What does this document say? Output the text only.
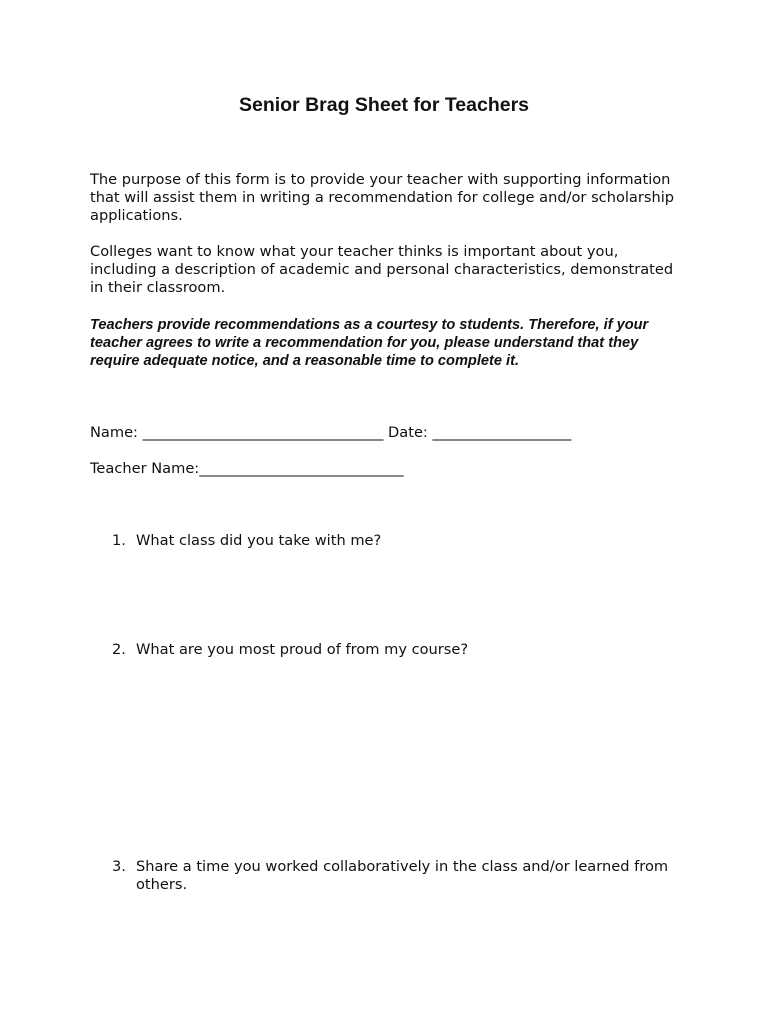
Senior Brag Sheet for Teachers

The purpose of this form is to provide your teacher with supporting information that will assist them in writing a recommendation for college and/or scholarship applications.

Colleges want to know what your teacher thinks is important about you, including a description of academic and personal characteristics, demonstrated in their classroom.

Teachers provide recommendations as a courtesy to students. Therefore, if your teacher agrees to write a recommendation for you, please understand that they require adequate notice, and a reasonable time to complete it.

Name: _________________________________ Date: ___________________
Teacher Name:____________________________
1. What class did you take with me?
2. What are you most proud of from my course?
3. Share a time you worked collaboratively in the class and/or learned from others.
